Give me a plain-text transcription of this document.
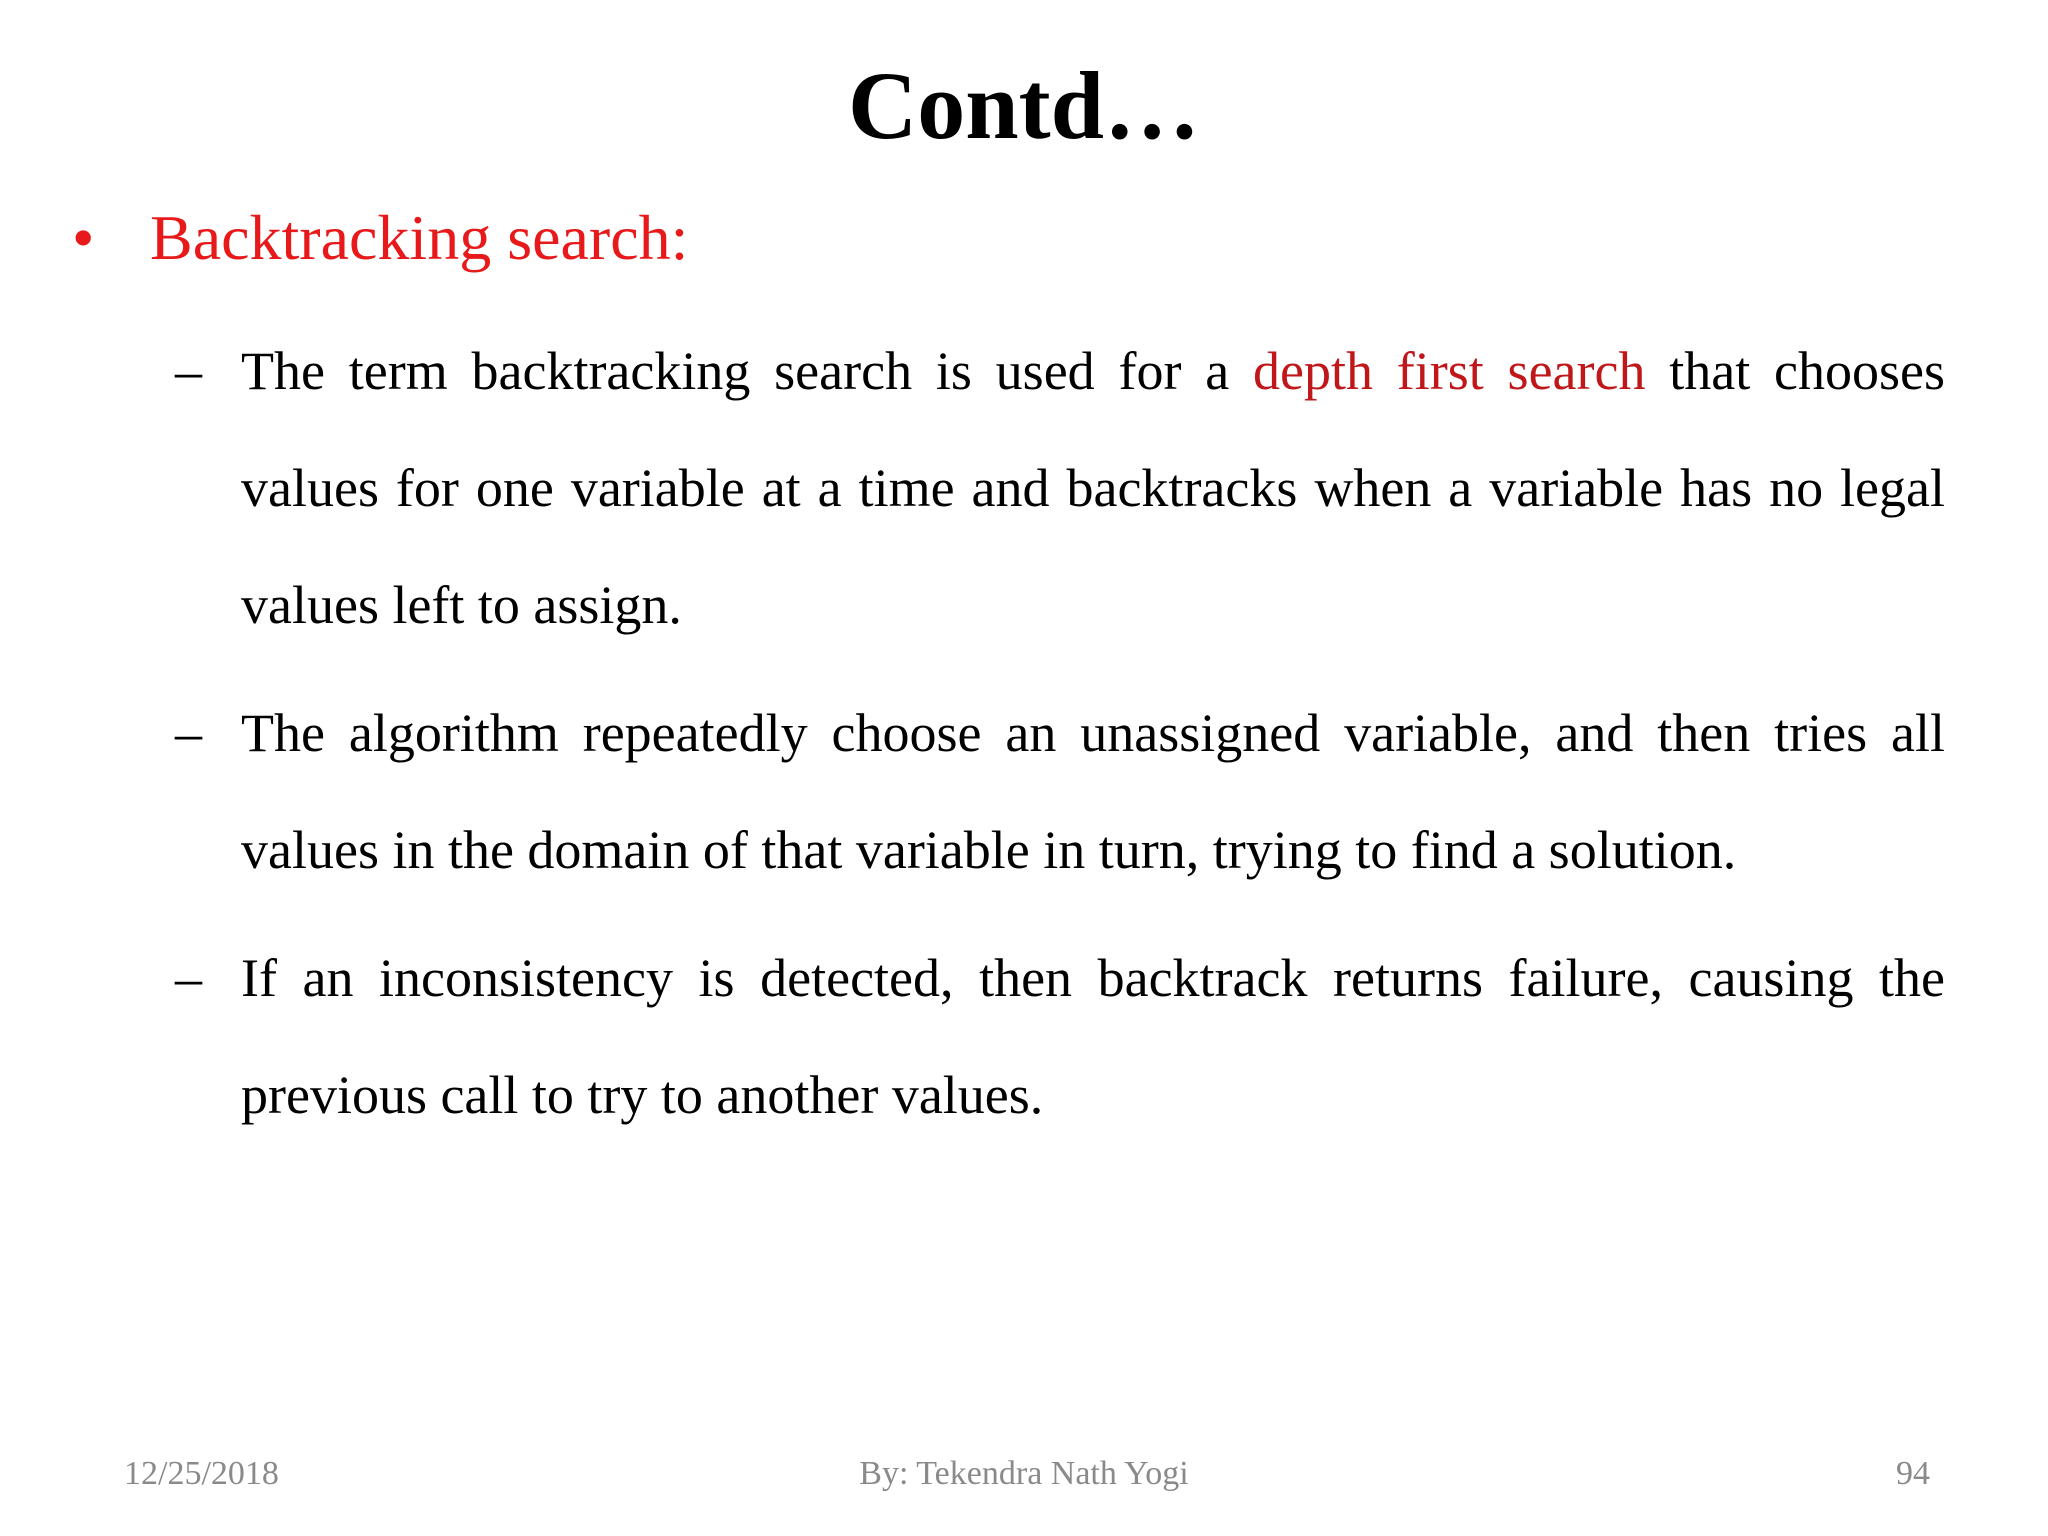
Contd…
• Backtracking search:
– The term backtracking search is used for a depth first search that chooses values for one variable at a time and backtracks when a variable has no legal values left to assign.
– The algorithm repeatedly choose an unassigned variable, and then tries all values in the domain of that variable in turn, trying to find a solution.
– If an inconsistency is detected, then backtrack returns failure, causing the previous call to try to another values.
By: Tekendra Nath Yogi
12/25/2018	94
